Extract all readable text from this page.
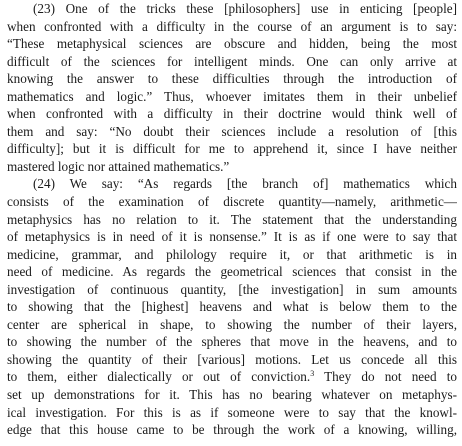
(23) One of the tricks these [philosophers] use in enticing [people]
when confronted with a difficulty in the course of an argument is to say:
“These metaphysical sciences are obscure and hidden, being the most
difficult of the sciences for intelligent minds. One can only arrive at
knowing the answer to these difficulties through the introduction of
mathematics and logic.” Thus, whoever imitates them in their unbelief
when confronted with a difficulty in their doctrine would think well of
them and say: “No doubt their sciences include a resolution of [this
difficulty]; but it is difficult for me to apprehend it, since I have neither
mastered logic nor attained mathematics.”
(24) We say: “As regards [the branch of] mathematics which
consists of the examination of discrete quantity—namely, arithmetic—
metaphysics has no relation to it. The statement that the understanding
of metaphysics is in need of it is nonsense.” It is as if one were to say that
medicine, grammar, and philology require it, or that arithmetic is in
need of medicine. As regards the geometrical sciences that consist in the
investigation of continuous quantity, [the investigation] in sum amounts
to showing that the [highest] heavens and what is below them to the
center are spherical in shape, to showing the number of their layers,
to showing the number of the spheres that move in the heavens, and to
showing the quantity of their [various] motions. Let us concede all this
to them, either dialectically or out of conviction.$^3$ They do not need to
set up demonstrations for it. This has no bearing whatever on metaphys-
ical investigation. For this is as if someone were to say that the knowl-
edge that this house came to be through the work of a knowing, willing,
